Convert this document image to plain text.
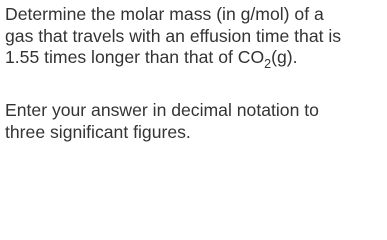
Determine the molar mass (in g/mol) of a
gas that travels with an effusion time that is
1.55 times longer than that of $CO_2(g)$.

Enter your answer in decimal notation to
three significant figures.
